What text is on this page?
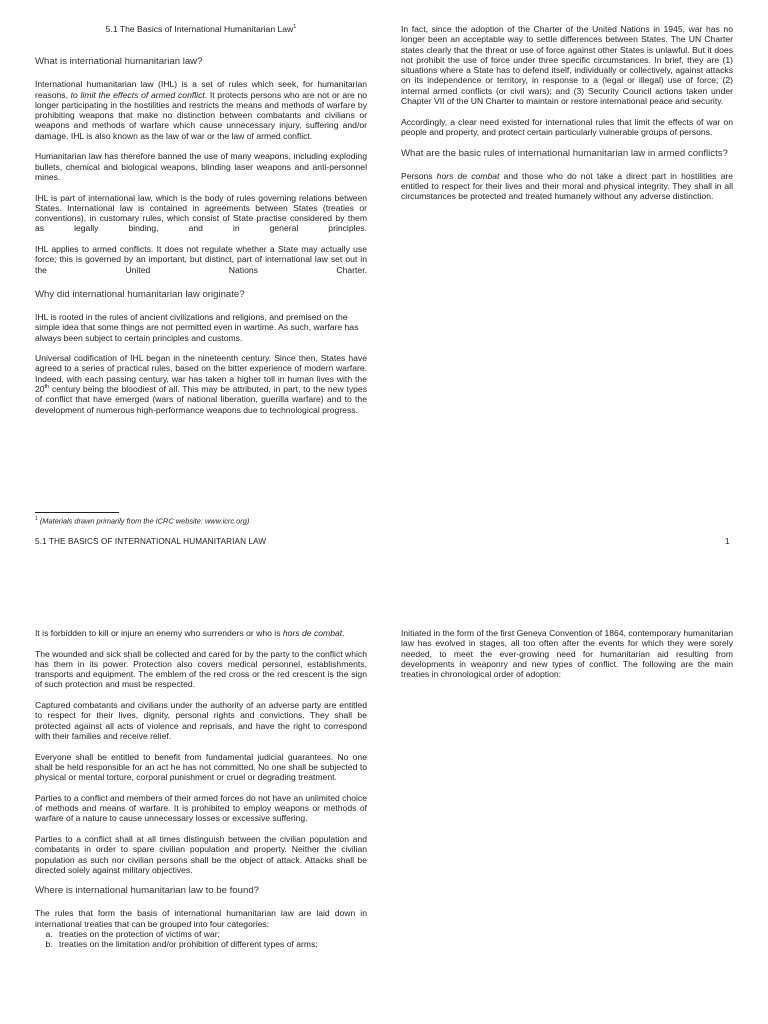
5.1 The Basics of International Humanitarian Law$^1$
What is international humanitarian law?

International humanitarian law (IHL) is a set of rules which seek, for humanitarian reasons, to limit the effects of armed conflict. It protects persons who are not or are no longer participating in the hostilities and restricts the means and methods of warfare by prohibiting weapons that make no distinction between combatants and civilians or weapons and methods of warfare which cause unnecessary injury, suffering and/or damage. IHL is also known as the law of war or the law of armed conflict.

Humanitarian law has therefore banned the use of many weapons, including exploding bullets, chemical and biological weapons, blinding laser weapons and anti-personnel mines.

IHL is part of international law, which is the body of rules governing relations between States. International law is contained in agreements between States (treaties or conventions), in customary rules, which consist of State practise considered by them as legally binding, and in general principles.

IHL applies to armed conflicts. It does not regulate whether a State may actually use force; this is governed by an important, but distinct, part of international law set out in the United Nations Charter.

Why did international humanitarian law originate?

IHL is rooted in the rules of ancient civilizations and religions, and premised on the simple idea that some things are not permitted even in wartime. As such, warfare has always been subject to certain principles and customs.

Universal codification of IHL began in the nineteenth century. Since then, States have agreed to a series of practical rules, based on the bitter experience of modern warfare. Indeed, with each passing century, war has taken a higher toll in human lives with the 20th century being the bloodiest of all. This may be attributed, in part, to the new types of conflict that have emerged (wars of national liberation, guerilla warfare) and to the development of numerous high-performance weapons due to technological progress.

In fact, since the adoption of the Charter of the United Nations in 1945, war has no longer been an acceptable way to settle differences between States. The UN Charter states clearly that the threat or use of force against other States is unlawful. But it does not prohibit the use of force under three specific circumstances. In brief, they are (1) situations where a State has to defend itself, individually or collectively, against attacks on its independence or territory, in response to a (legal or illegal) use of force; (2) internal armed conflicts (or civil wars); and (3) Security Council actions taken under Chapter VII of the UN Charter to maintain or restore international peace and security.

Accordingly, a clear need existed for international rules that limit the effects of war on people and property, and protect certain particularly vulnerable groups of persons.

What are the basic rules of international humanitarian law in armed conflicts?

Persons hors de combat and those who do not take a direct part in hostilities are entitled to respect for their lives and their moral and physical integrity. They shall in all circumstances be protected and treated humanely without any adverse distinction.

$^1$ (Materials drawn primarily from the ICRC website: www.icrc.org)
5.1 THE BASICS OF INTERNATIONAL HUMANITARIAN LAW	1

It is forbidden to kill or injure an enemy who surrenders or who is hors de combat.

The wounded and sick shall be collected and cared for by the party to the conflict which has them in its power. Protection also covers medical personnel, establishments, transports and equipment. The emblem of the red cross or the red crescent is the sign of such protection and must be respected.

Captured combatants and civilians under the authority of an adverse party are entitled to respect for their lives, dignity, personal rights and convictions. They shall be protected against all acts of violence and reprisals, and have the right to correspond with their families and receive relief.

Everyone shall be entitled to benefit from fundamental judicial guarantees. No one shall be held responsible for an act he has not committed. No one shall be subjected to physical or mental torture, corporal punishment or cruel or degrading treatment.

Parties to a conflict and members of their armed forces do not have an unlimited choice of methods and means of warfare. It is prohibited to employ weapons or methods of warfare of a nature to cause unnecessary losses or excessive suffering.

Parties to a conflict shall at all times distinguish between the civilian population and combatants in order to spare civilian population and property. Neither the civilian population as such nor civilian persons shall be the object of attack. Attacks shall be directed solely against military objectives.

Where is international humanitarian law to be found?

The rules that form the basis of international humanitarian law are laid down in international treaties that can be grouped into four categories:

a. treaties on the protection of victims of war;
b. treaties on the limitation and/or prohibition of different types of arms;

Initiated in the form of the first Geneva Convention of 1864, contemporary humanitarian law has evolved in stages, all too often after the events for which they were sorely needed, to meet the ever-growing need for humanitarian aid resulting from developments in weaponry and new types of conflict. The following are the main treaties in chronological order of adoption:
